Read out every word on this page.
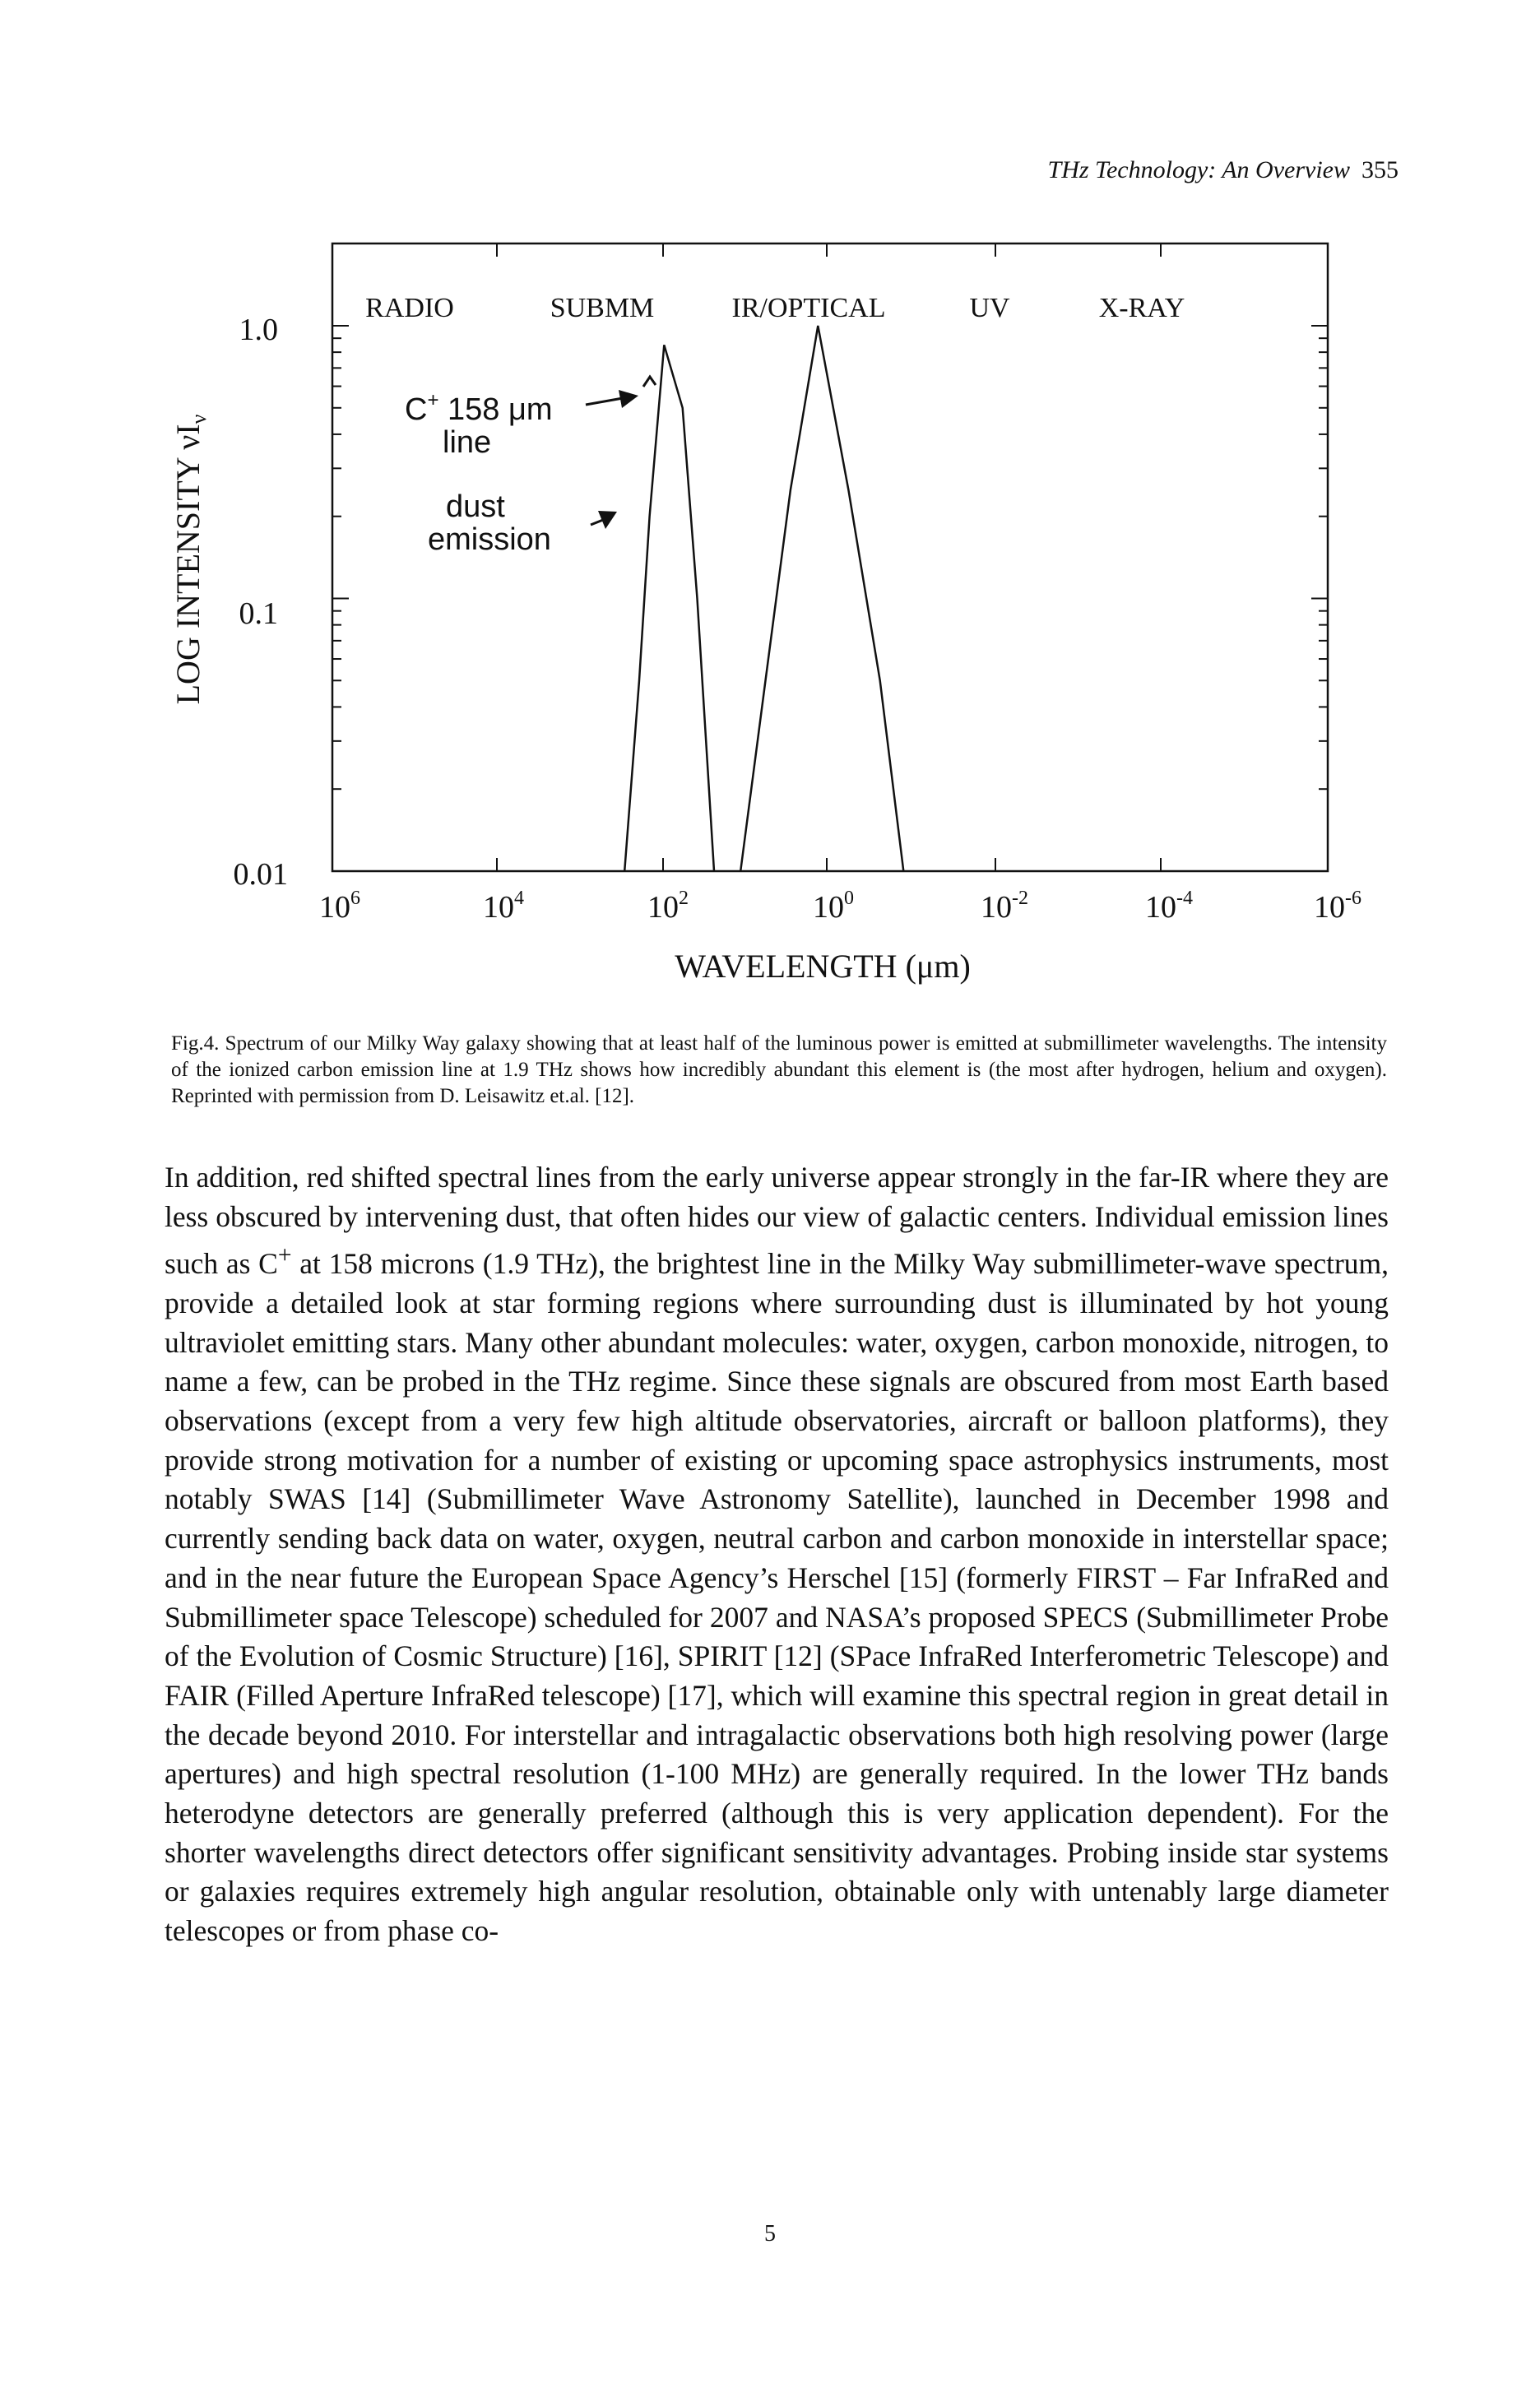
THz Technology: An Overview 355
RADIO	SUBMM	IR/OPTICAL	UV	X-RAY
C+ 158 μm
line
dust
emission
1.0
0.1
0.01
$10^6$	$10^4$	$10^2$	$10^0$	$10^{-2}$	$10^{-4}$	$10^{-6}$
WAVELENGTH (μm)
LOG INTENSITY $\nu I_\nu$
Fig.4. Spectrum of our Milky Way galaxy showing that at least half of the luminous power is emitted at submillimeter wavelengths. The intensity of the ionized carbon emission line at 1.9 THz shows how incredibly abundant this element is (the most after hydrogen, helium and oxygen). Reprinted with permission from D. Leisawitz et.al. [12].
In addition, red shifted spectral lines from the early universe appear strongly in the far-IR where they are less obscured by intervening dust, that often hides our view of galactic centers. Individual emission lines such as C+ at 158 microns (1.9 THz), the brightest line in the Milky Way submillimeter-wave spectrum, provide a detailed look at star forming regions where surrounding dust is illuminated by hot young ultraviolet emitting stars. Many other abundant molecules: water, oxygen, carbon monoxide, nitrogen, to name a few, can be probed in the THz regime. Since these signals are obscured from most Earth based observations (except from a very few high altitude observatories, aircraft or balloon platforms), they provide strong motivation for a number of existing or upcoming space astrophysics instruments, most notably SWAS [14] (Submillimeter Wave Astronomy Satellite), launched in December 1998 and currently sending back data on water, oxygen, neutral carbon and carbon monoxide in interstellar space; and in the near future the European Space Agency’s Herschel [15] (formerly FIRST – Far InfraRed and Submillimeter space Telescope) scheduled for 2007 and NASA’s proposed SPECS (Submillimeter Probe of the Evolution of Cosmic Structure) [16], SPIRIT [12] (SPace InfraRed Interferometric Telescope) and FAIR (Filled Aperture InfraRed telescope) [17], which will examine this spectral region in great detail in the decade beyond 2010. For interstellar and intragalactic observations both high resolving power (large apertures) and high spectral resolution (1-100 MHz) are generally required. In the lower THz bands heterodyne detectors are generally preferred (although this is very application dependent). For the shorter wavelengths direct detectors offer significant sensitivity advantages. Probing inside star systems or galaxies requires extremely high angular resolution, obtainable only with untenably large diameter telescopes or from phase co-
5
